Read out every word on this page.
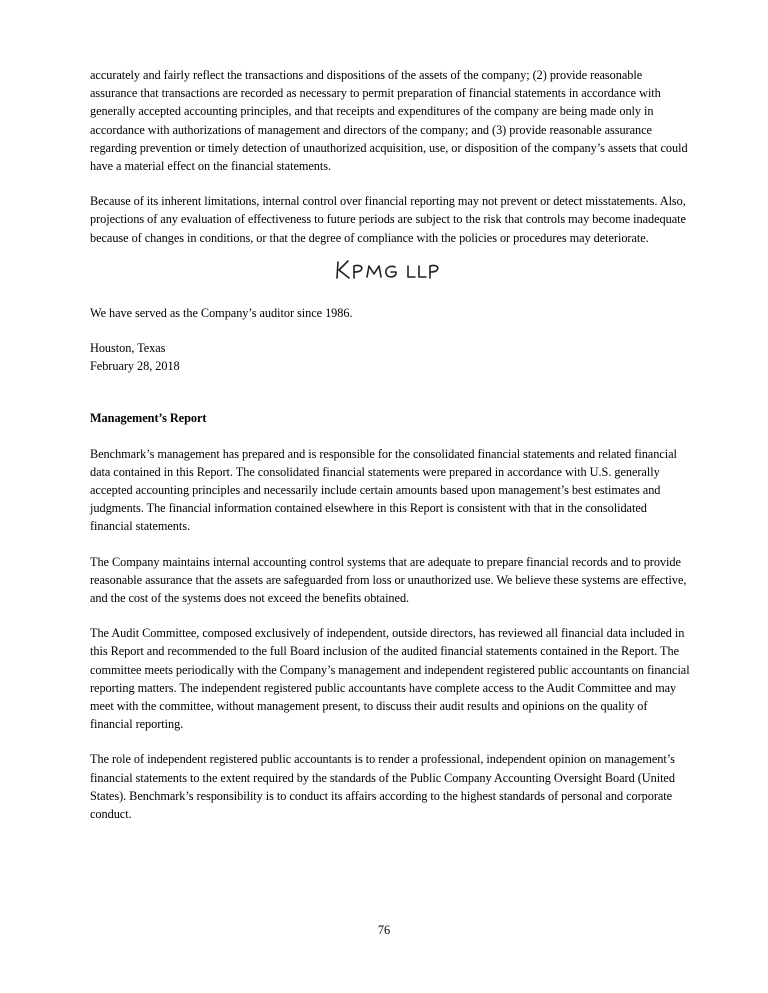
accurately and fairly reflect the transactions and dispositions of the assets of the company; (2) provide reasonable assurance that transactions are recorded as necessary to permit preparation of financial statements in accordance with generally accepted accounting principles, and that receipts and expenditures of the company are being made only in accordance with authorizations of management and directors of the company; and (3) provide reasonable assurance regarding prevention or timely detection of unauthorized acquisition, use, or disposition of the company’s assets that could have a material effect on the financial statements.

Because of its inherent limitations, internal control over financial reporting may not prevent or detect misstatements. Also, projections of any evaluation of effectiveness to future periods are subject to the risk that controls may become inadequate because of changes in conditions, or that the degree of compliance with the policies or procedures may deteriorate.

We have served as the Company’s auditor since 1986.

Houston, Texas

February 28, 2018

Management’s Report

Benchmark’s management has prepared and is responsible for the consolidated financial statements and related financial data contained in this Report. The consolidated financial statements were prepared in accordance with U.S. generally accepted accounting principles and necessarily include certain amounts based upon management’s best estimates and judgments. The financial information contained elsewhere in this Report is consistent with that in the consolidated financial statements.

The Company maintains internal accounting control systems that are adequate to prepare financial records and to provide reasonable assurance that the assets are safeguarded from loss or unauthorized use. We believe these systems are effective, and the cost of the systems does not exceed the benefits obtained.

The Audit Committee, composed exclusively of independent, outside directors, has reviewed all financial data included in this Report and recommended to the full Board inclusion of the audited financial statements contained in the Report. The committee meets periodically with the Company’s management and independent registered public accountants on financial reporting matters. The independent registered public accountants have complete access to the Audit Committee and may meet with the committee, without management present, to discuss their audit results and opinions on the quality of financial reporting.

The role of independent registered public accountants is to render a professional, independent opinion on management’s financial statements to the extent required by the standards of the Public Company Accounting Oversight Board (United States). Benchmark’s responsibility is to conduct its affairs according to the highest standards of personal and corporate conduct.

76
